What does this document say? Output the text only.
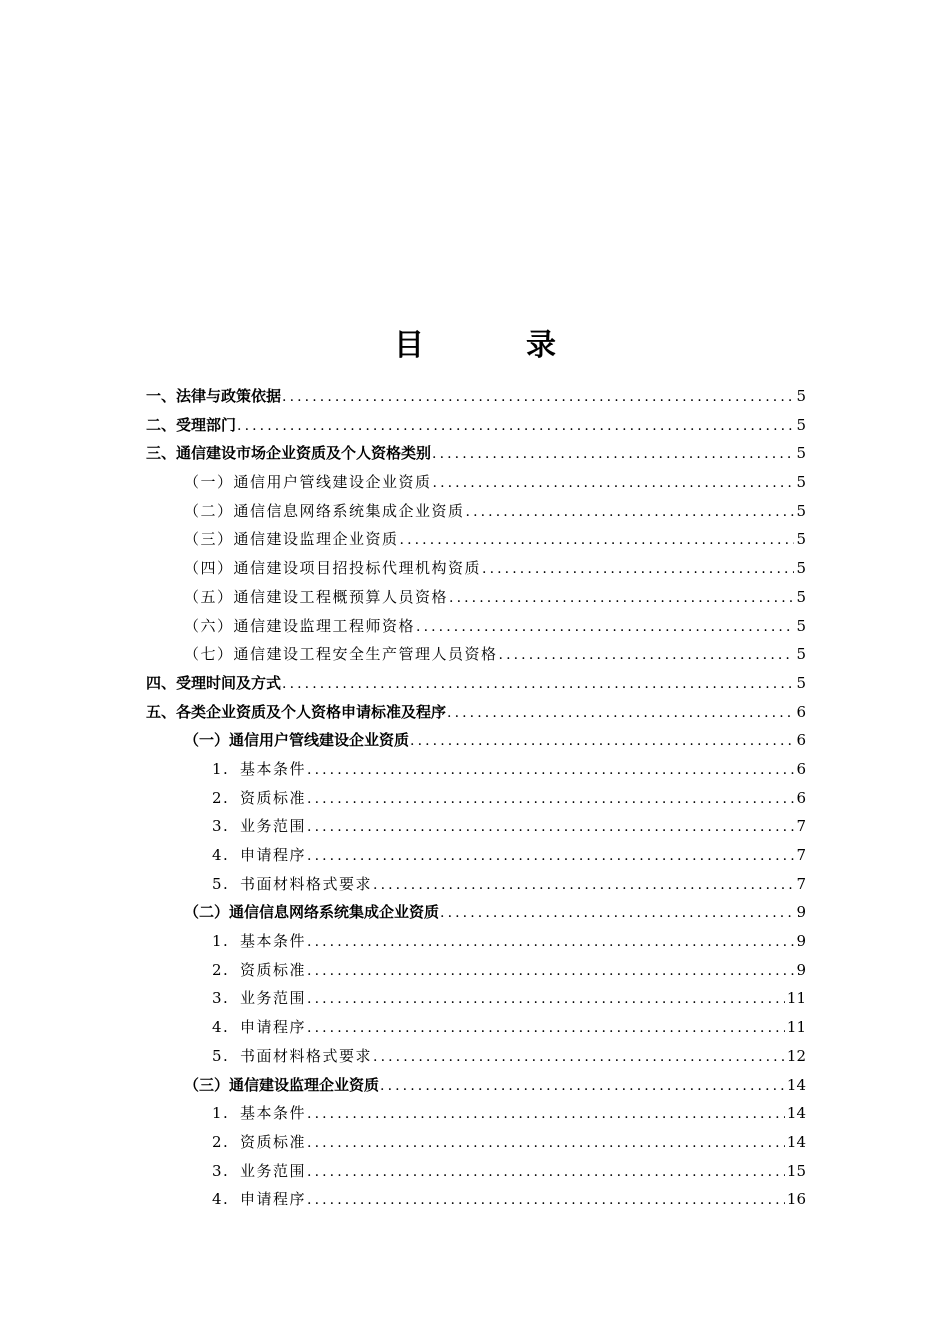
目　录
一、法律与政策依据 .....	5
二、受理部门 .....	5
三、通信建设市场企业资质及个人资格类别 .....	5
（一）通信用户管线建设企业资质 .....	5
（二）通信信息网络系统集成企业资质 .....	5
（三）通信建设监理企业资质 .....	5
（四）通信建设项目招投标代理机构资质 .....	5
（五）通信建设工程概预算人员资格 .....	5
（六）通信建设监理工程师资格 .....	5
（七）通信建设工程安全生产管理人员资格 .....	5
四、受理时间及方式 .....	5
五、各类企业资质及个人资格申请标准及程序 .....	6
（一）通信用户管线建设企业资质 .....	6
1. 基本条件 .....	6
2. 资质标准 .....	6
3. 业务范围 .....	7
4. 申请程序 .....	7
5. 书面材料格式要求 .....	7
（二）通信信息网络系统集成企业资质 .....	9
1. 基本条件 .....	9
2. 资质标准 .....	9
3. 业务范围 .....	11
4. 申请程序 .....	11
5. 书面材料格式要求 .....	12
（三）通信建设监理企业资质 .....	14
1. 基本条件 .....	14
2. 资质标准 .....	14
3. 业务范围 .....	15
4. 申请程序 .....	16
